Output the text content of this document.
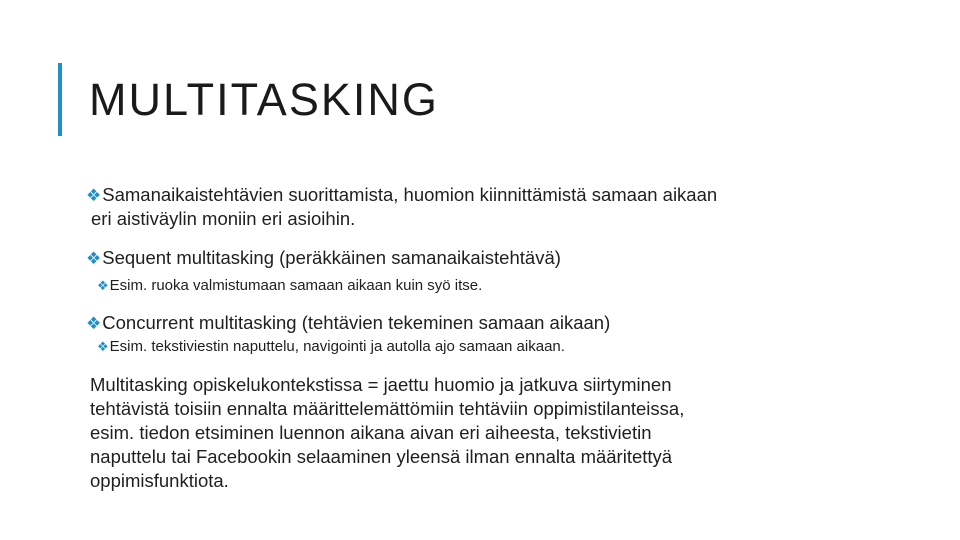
MULTITASKING
❖Samanaikaistehtävien suorittamista, huomion kiinnittämistä samaan aikaan
eri aistiväylin moniin eri asioihin.
❖Sequent multitasking (peräkkäinen samanaikaistehtävä)
❖Esim. ruoka valmistumaan samaan aikaan kuin syö itse.
❖Concurrent multitasking (tehtävien tekeminen samaan aikaan)
❖Esim. tekstiviestin naputtelu, navigointi ja autolla ajo samaan aikaan.
Multitasking opiskelukontekstissa = jaettu huomio ja jatkuva siirtyminen
tehtävistä toisiin ennalta määrittelemättömiin tehtäviin oppimistilanteissa,
esim. tiedon etsiminen luennon aikana aivan eri aiheesta, tekstivietin
naputtelu tai Facebookin selaaminen yleensä ilman ennalta määritettyä
oppimisfunktiota.
